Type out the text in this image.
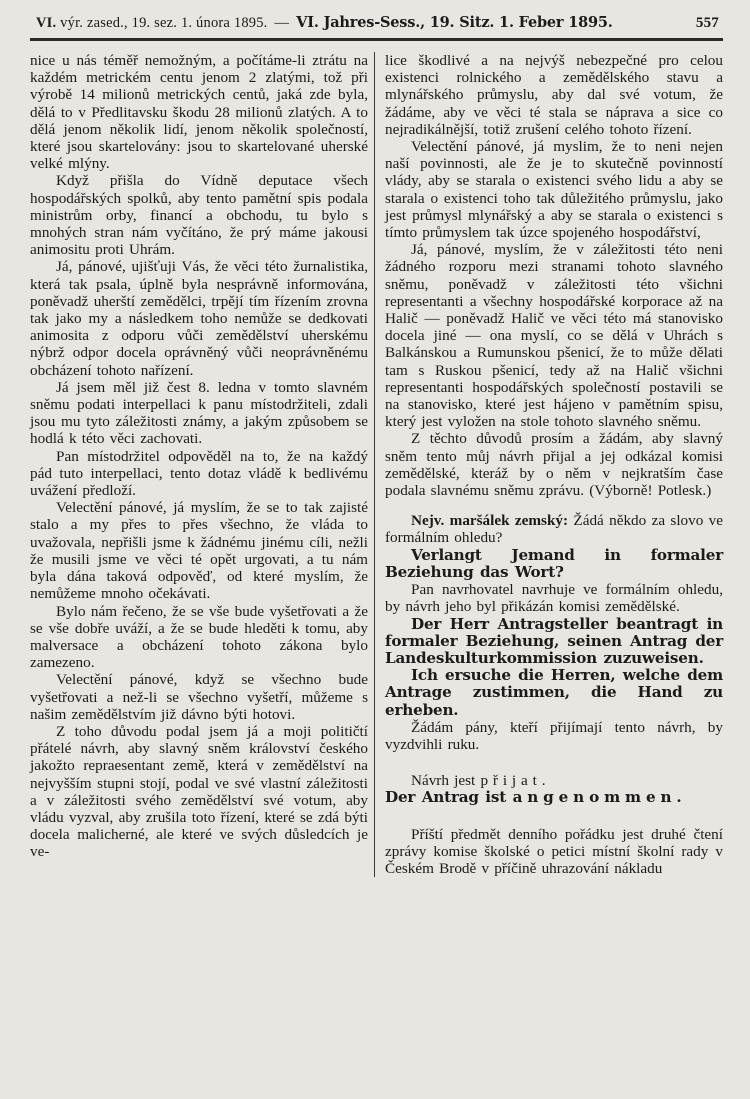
VI. výr. zased., 19. sez. 1. února 1895. — VI. Jahres-Sess., 19. Sitz. 1. Feber 1895.	557

nice u nás téměř nemožným, a počítáme-li ztrátu na každém metrickém centu jenom 2 zlatými, tož při výrobě 14 milionů metrických centů, jaká zde byla, dělá to v Předlitavsku škodu 28 milionů zlatých. A to dělá jenom několik lidí, jenom několik společností, které jsou skartelovány: jsou to skartelované uherské velké mlýny.

Když přišla do Vídně deputace všech hospodářských spolků, aby tento pamětní spis podala ministrům orby, financí a obchodu, tu bylo s mnohých stran nám vyčítáno, že prý máme jakousi animositu proti Uhrám.

Já, pánové, ujišťuji Vás, že věci této žurnalistika, která tak psala, úplně byla nesprávně informována, poněvadž uherští zemědělci, trpějí tím řízením zrovna tak jako my a následkem toho nemůže se dedkovati animosita z odporu vůči zemědělství uherskému nýbrž odpor docela oprávněný vůči neoprávněnému obcházení tohoto nařízení.

Já jsem měl již čest 8. ledna v tomto slavném sněmu podati interpellaci k panu místodržiteli, zdali jsou mu tyto záležitosti známy, a jakým způsobem se hodlá k této věci zachovati.

Pan místodržitel odpověděl na to, že na každý pád tuto interpellaci, tento dotaz vládě k bedlivému uvážení předloží.

Velectění pánové, já myslím, že se to tak zajisté stalo a my přes to přes všechno, že vláda to uvažovala, nepřišli jsme k žádnému jinému cíli, nežli že musili jsme ve věci té opět urgovati, a tu nám byla dána taková odpověď, od které myslím, že nemůžeme mnoho očekávati.

Bylo nám řečeno, že se vše bude vyšetřovati a že se vše dobře uváží, a že se bude hleděti k tomu, aby malversace a obcházení tohoto zákona bylo zamezeno.

Velectění pánové, když se všechno bude vyšetřovati a než-li se všechno vyšetří, můžeme s našim zemědělstvím již dávno býti hotovi.

Z toho důvodu podal jsem já a moji političtí přátelé návrh, aby slavný sněm království českého jakožto repraesentant země, která v zemědělství na nejvyšším stupni stojí, podal ve své vlastní záležitosti a v záležitosti svého zemědělství své votum, aby vládu vyzval, aby zrušila toto řízení, které se zdá býti docela malicherné, ale které ve svých důsledcích je ve-

lice škodlivé a na nejvýš nebezpečné pro celou existenci rolnického a zemědělského stavu a mlynářského průmyslu, aby dal své votum, že žádáme, aby ve věci té stala se náprava a sice co nejradikálnější, totiž zrušení celého tohoto řízení.

Velectění pánové, já myslim, že to neni nejen naší povinnosti, ale že je to skutečně povinností vlády, aby se starala o existenci svého lidu a aby se starala o existenci toho tak důležitého průmyslu, jako jest průmysl mlynářský a aby se starala o existenci s tímto průmyslem tak úzce spojeného hospodářství,

Já, pánové, myslím, že v záležitosti této neni žádného rozporu mezi stranami tohoto slavného sněmu, poněvadž v záležitosti této všichni representanti a všechny hospodářské korporace až na Halič — poněvadž Halič ve věci této má stanovisko docela jiné — ona myslí, co se dělá v Uhrách s Balkánskou a Rumunskou pšenicí, že to může dělati tam s Ruskou pšenicí, tedy až na Halič všichni representanti hospodářských společností postavili se na stanovisko, které jest hájeno v pamětním spisu, který jest vyložen na stole tohoto slavného sněmu.

Z těchto důvodů prosím a žádám, aby slavný sněm tento můj návrh přijal a jej odkázal komisi zemědělské, kteráž by o něm v nejkratším čase podala slavnému sněmu zprávu. (Výborně! Potlesk.)

Nejv. maršálek zemský: Žádá někdo za slovo ve formálním ohledu?

Verlangt Jemand in formaler Beziehung das Wort?

Pan navrhovatel navrhuje ve formálním ohledu, by návrh jeho byl přikázán komisi zemědělské.

Der Herr Antragsteller beantragt in formaler Beziehung, seinen Antrag der Landeskulturkommission zuzuweisen.

Ich ersuche die Herren, welche dem Antrage zustimmen, die Hand zu erheben.

Žádám pány, kteří přijímají tento návrh, by vyzdvihli ruku.

Návrh jest přijat.

Der Antrag ist angenommen.

Příští předmět denního pořádku jest druhé čtení zprávy komise školské o petici místní školní rady v Českém Brodě v příčině uhrazování nákladu
